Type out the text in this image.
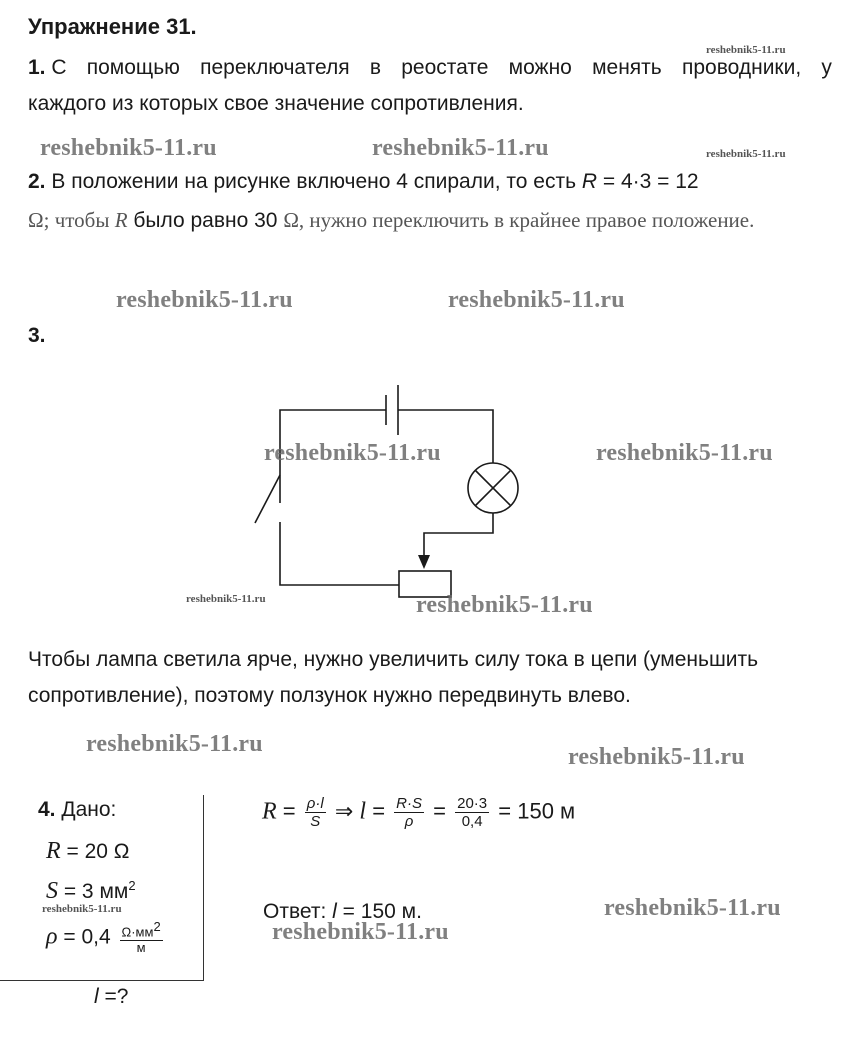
Упражнение 31.
reshebnik5-11.ru
1. С помощью переключателя в реостате можно менять проводники, у
каждого из которых свое значение сопротивления.
reshebnik5-11.ru	reshebnik5-11.ru	reshebnik5-11.ru
2. В положении на рисунке включено 4 спирали, то есть R = 4·3 = 12
Ω; чтобы R было равно 30 Ω, нужно переключить в крайнее правое положение.
reshebnik5-11.ru	reshebnik5-11.ru
3.
reshebnik5-11.ru	reshebnik5-11.ru
reshebnik5-11.ru	reshebnik5-11.ru
Чтобы лампа светила ярче, нужно увеличить силу тока в цепи (уменьшить
сопротивление), поэтому ползунок нужно передвинуть влево.
reshebnik5-11.ru	reshebnik5-11.ru
4. Дано:
R = 20 Ω
S = 3 $мм^2$
reshebnik5-11.ru
$\rho = 0,4 \frac{\Omega\cdot мм^2}{м}$
l =?
$R = \frac{\rho\cdot l}{S}$ ⇒ $l = \frac{R\cdot S}{\rho} = \frac{20\cdot 3}{0,4} = 150$ м
Ответ: l = 150 м.	reshebnik5-11.ru
reshebnik5-11.ru
